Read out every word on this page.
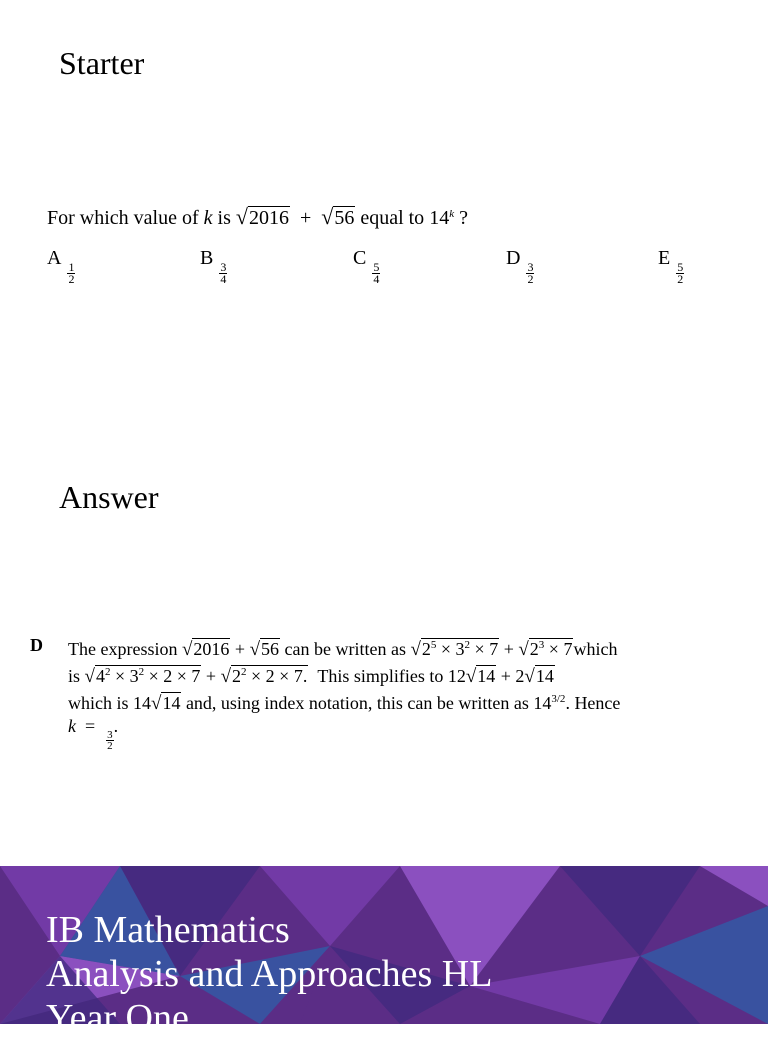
Starter
For which value of k is √2016 + √56 equal to 14$^k$ ?
A
$\frac{1}{2}$
B
$\frac{3}{4}$
C
$\frac{5}{4}$
D
$\frac{3}{2}$
E
$\frac{5}{2}$
Answer
D The expression √2016 + √56 can be written as $√2^5 \times 3^2 \times 7 + √2^3$ × 7which
is $√4^2 \times 3^2 \times 2 \times 7 + √2^2 \times 2 \times 7$. This simplifies to 12√14 + 2√14
which is 14√14 and, using index notation, this can be written as $14^{3/2}$. Hence
k =
$\frac{3}{2}$
.
IB Mathematics
Analysis and Approaches HL
Year One
